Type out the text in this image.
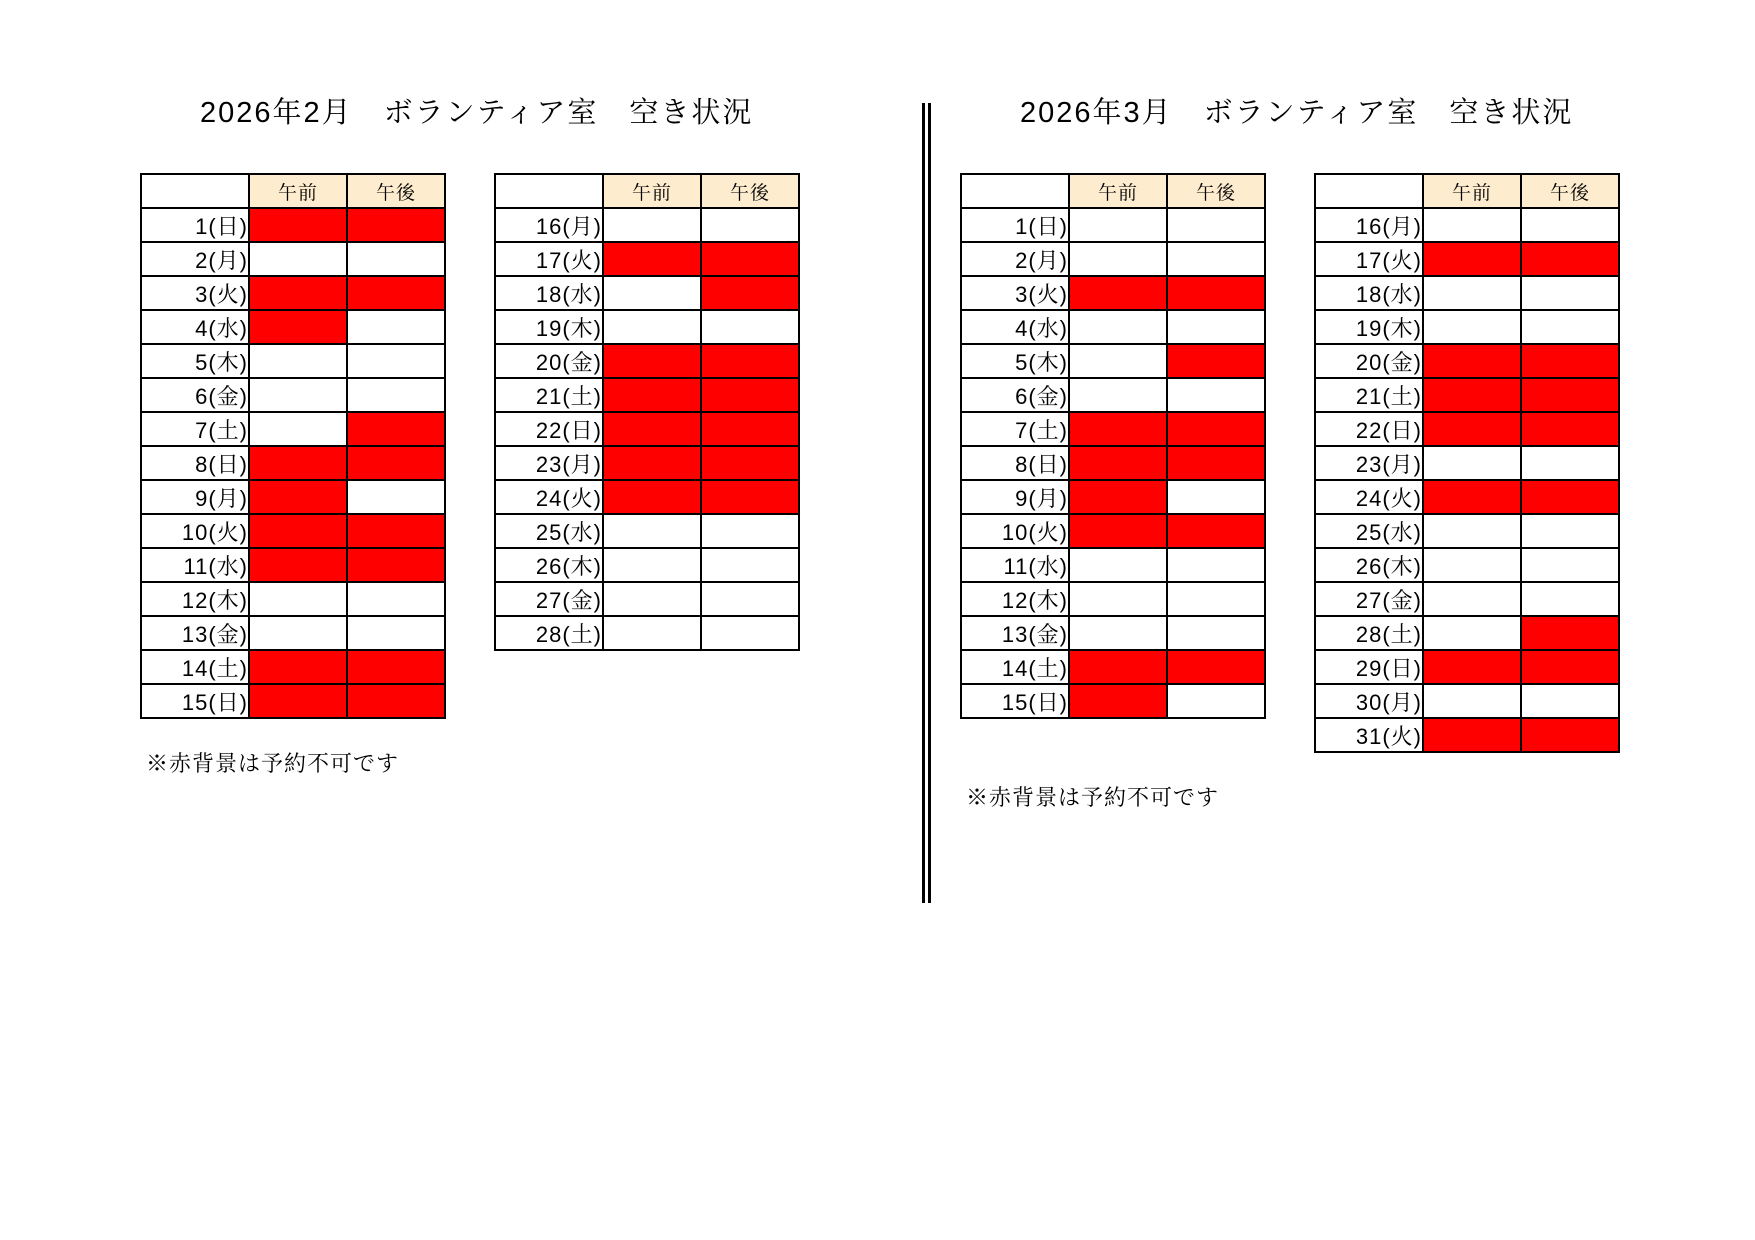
2026年2月　ボランティア室　空き状況
	午前	午後
1(日)		
2(月)		
3(火)		
4(水)		
5(木)		
6(金)		
7(土)		
8(日)		
9(月)		
10(火)		
11(水)		
12(木)		
13(金)		
14(土)		
15(日)		
	午前	午後
16(月)		
17(火)		
18(水)		
19(木)		
20(金)		
21(土)		
22(日)		
23(月)		
24(火)		
25(水)		
26(木)		
27(金)		
28(土)		
※赤背景は予約不可です
2026年3月　ボランティア室　空き状況
	午前	午後
1(日)		
2(月)		
3(火)		
4(水)		
5(木)		
6(金)		
7(土)		
8(日)		
9(月)		
10(火)		
11(水)		
12(木)		
13(金)		
14(土)		
15(日)		
	午前	午後
16(月)		
17(火)		
18(水)		
19(木)		
20(金)		
21(土)		
22(日)		
23(月)		
24(火)		
25(水)		
26(木)		
27(金)		
28(土)		
29(日)		
30(月)		
31(火)		
※赤背景は予約不可です
